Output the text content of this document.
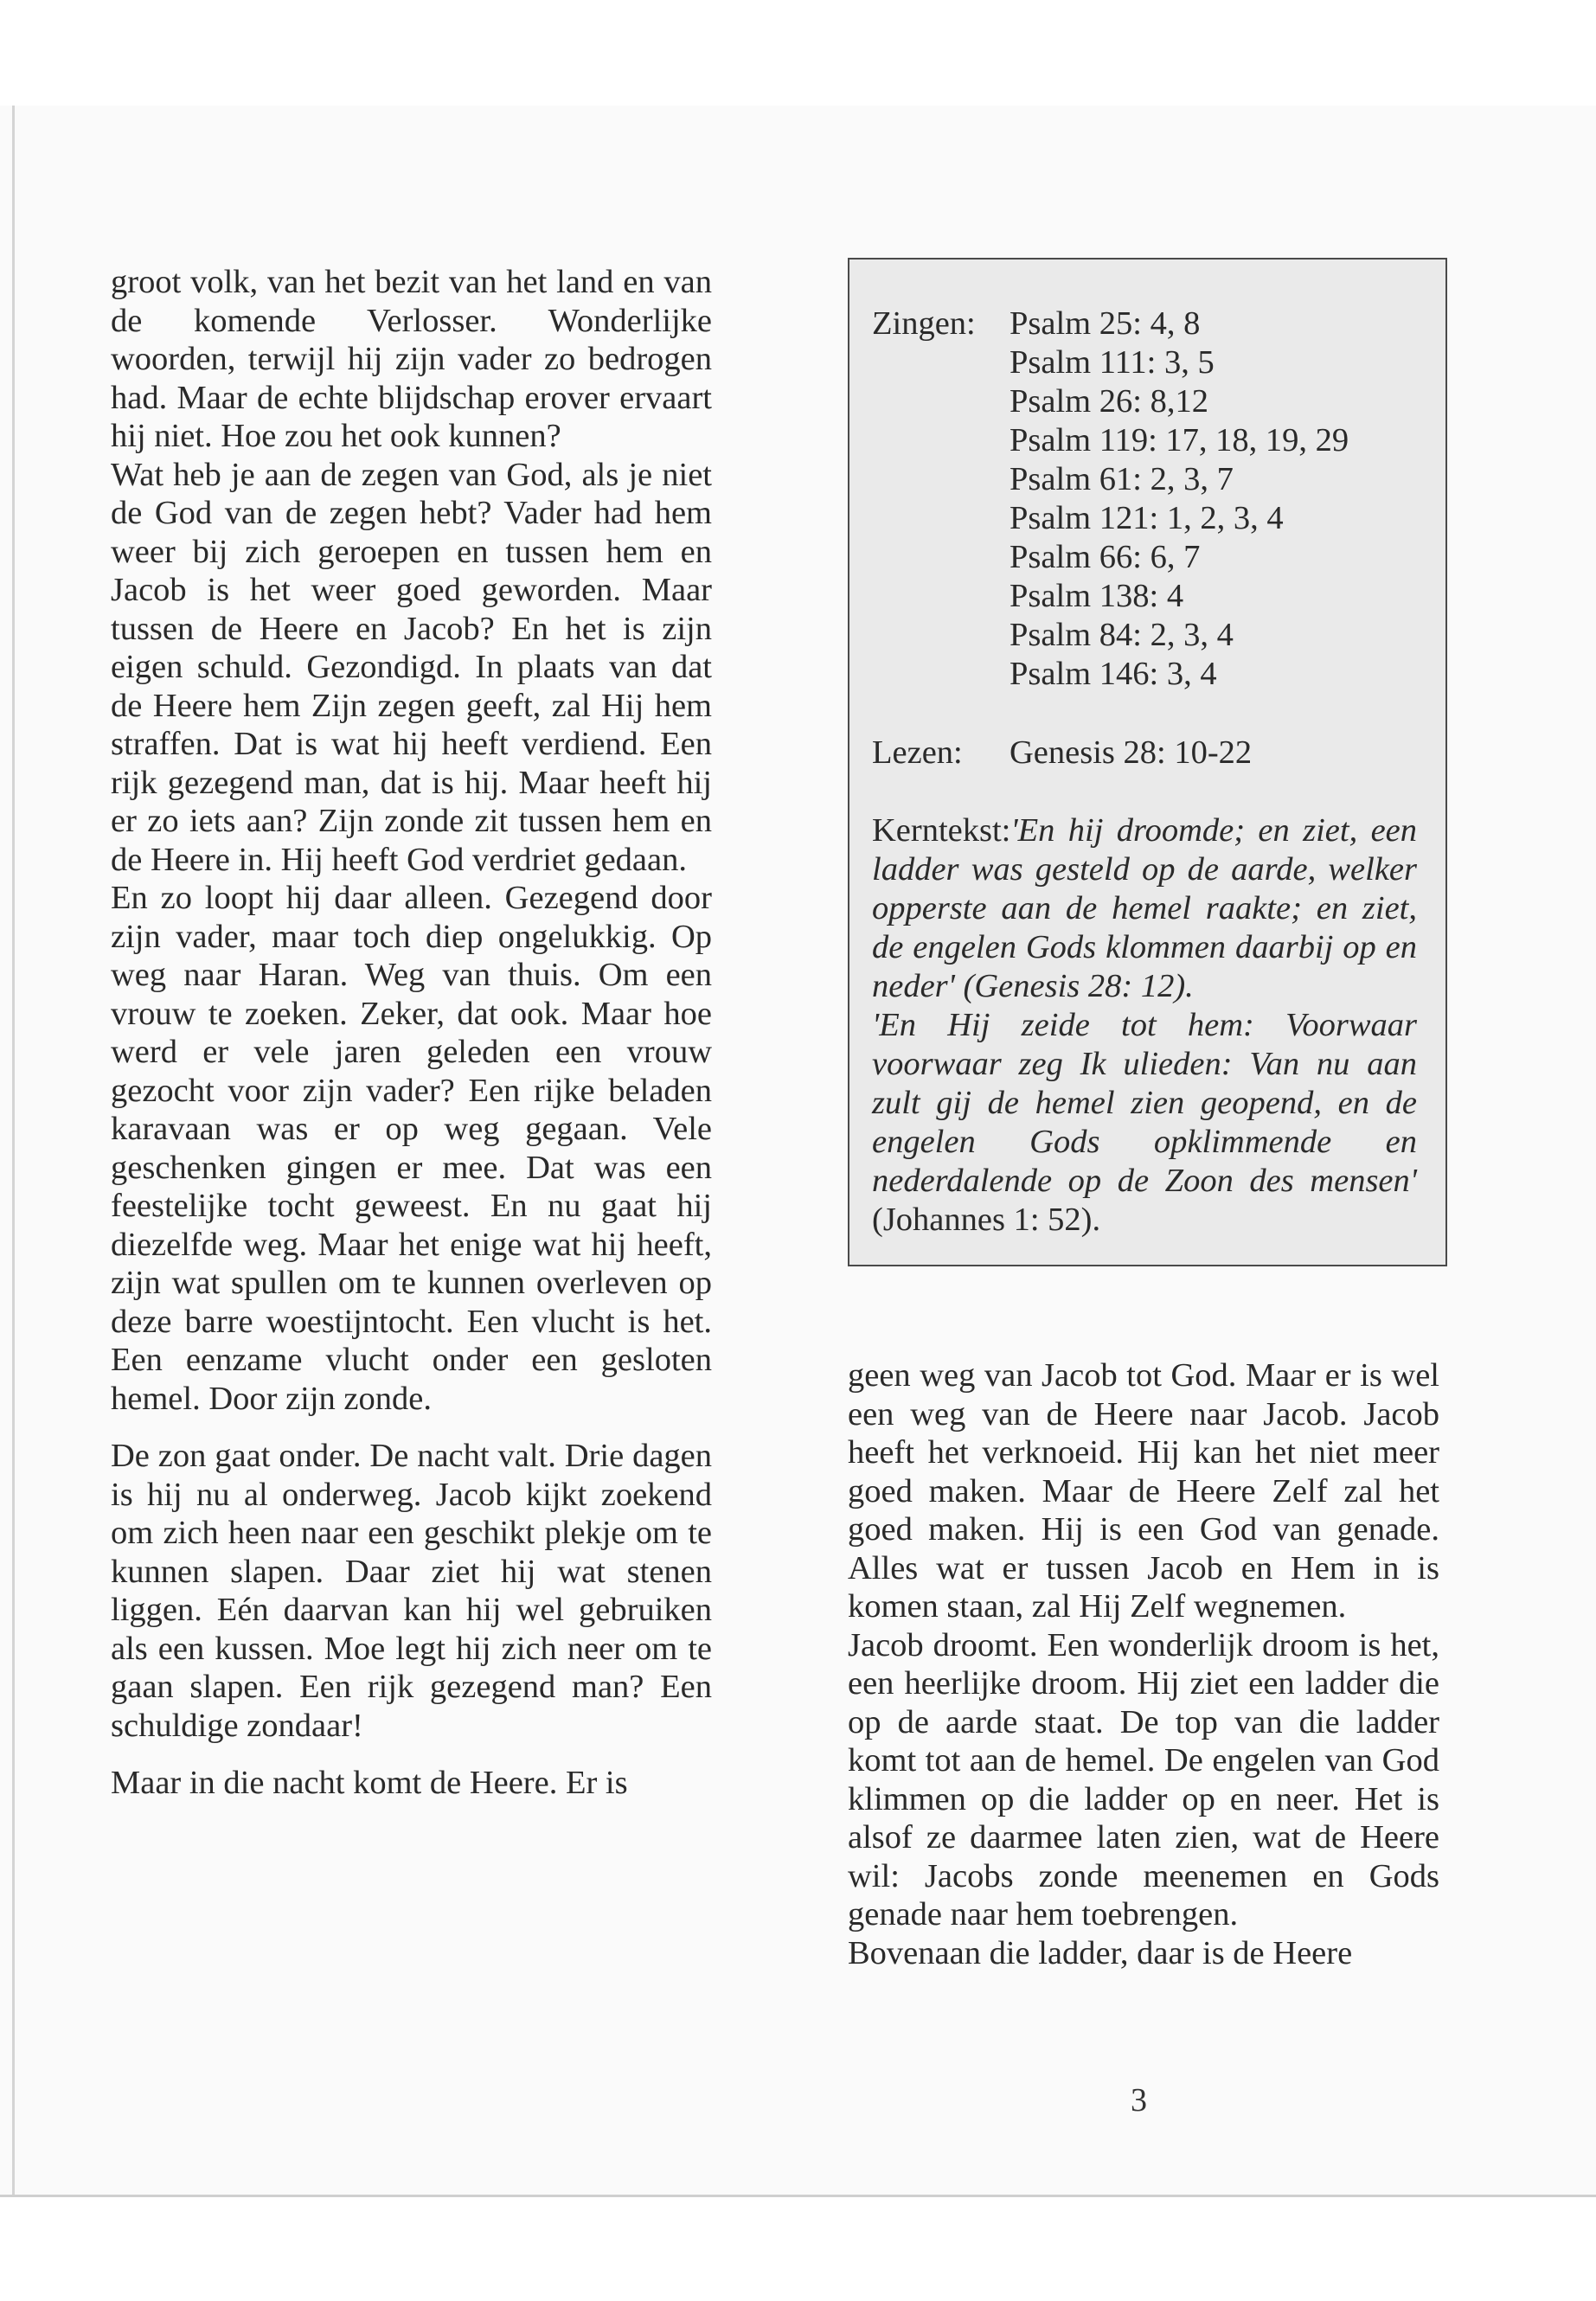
groot volk, van het bezit van het land en van de komende Verlosser. Wonderlijke woorden, terwijl hij zijn vader zo bedrogen had. Maar de echte blijdschap erover ervaart hij niet. Hoe zou het ook kunnen?

Wat heb je aan de zegen van God, als je niet de God van de zegen hebt? Vader had hem weer bij zich geroepen en tussen hem en Jacob is het weer goed geworden. Maar tussen de Heere en Jacob? En het is zijn eigen schuld. Gezondigd. In plaats van dat de Heere hem Zijn zegen geeft, zal Hij hem straffen. Dat is wat hij heeft verdiend. Een rijk gezegend man, dat is hij. Maar heeft hij er zo iets aan? Zijn zonde zit tussen hem en de Heere in. Hij heeft God verdriet gedaan.

En zo loopt hij daar alleen. Gezegend door zijn vader, maar toch diep ongelukkig. Op weg naar Haran. Weg van thuis. Om een vrouw te zoeken. Zeker, dat ook. Maar hoe werd er vele jaren geleden een vrouw gezocht voor zijn vader? Een rijke beladen karavaan was er op weg gegaan. Vele geschenken gingen er mee. Dat was een feestelijke tocht geweest. En nu gaat hij diezelfde weg. Maar het enige wat hij heeft, zijn wat spullen om te kunnen overleven op deze barre woestijntocht. Een vlucht is het. Een eenzame vlucht onder een gesloten hemel. Door zijn zonde.

De zon gaat onder. De nacht valt. Drie dagen is hij nu al onderweg. Jacob kijkt zoekend om zich heen naar een geschikt plekje om te kunnen slapen. Daar ziet hij wat stenen liggen. Eén daarvan kan hij wel gebruiken als een kussen. Moe legt hij zich neer om te gaan slapen. Een rijk gezegend man? Een schuldige zondaar!

Maar in die nacht komt de Heere. Er is

Zingen: Psalm 25: 4, 8
Psalm 111: 3, 5
Psalm 26: 8,12
Psalm 119: 17, 18, 19, 29
Psalm 61: 2, 3, 7
Psalm 121: 1, 2, 3, 4
Psalm 66: 6, 7
Psalm 138: 4
Psalm 84: 2, 3, 4
Psalm 146: 3, 4
Lezen: Genesis 28: 10-22

Kerntekst:'En hij droomde; en ziet, een ladder was gesteld op de aarde, welker opperste aan de hemel raakte; en ziet, de engelen Gods klommen daarbij op en neder' (Genesis 28: 12).

'En Hij zeide tot hem: Voorwaar voorwaar zeg Ik ulieden: Van nu aan zult gij de hemel zien geopend, en de engelen Gods opklimmende en nederdalende op de Zoon des mensen' (Johannes 1: 52).

geen weg van Jacob tot God. Maar er is wel een weg van de Heere naar Jacob. Jacob heeft het verknoeid. Hij kan het niet meer goed maken. Maar de Heere Zelf zal het goed maken. Hij is een God van genade. Alles wat er tussen Jacob en Hem in is komen staan, zal Hij Zelf wegnemen.

Jacob droomt. Een wonderlijk droom is het, een heerlijke droom. Hij ziet een ladder die op de aarde staat. De top van die ladder komt tot aan de hemel. De engelen van God klimmen op die ladder op en neer. Het is alsof ze daarmee laten zien, wat de Heere wil: Jacobs zonde meenemen en Gods genade naar hem toebrengen.

Bovenaan die ladder, daar is de Heere

3
